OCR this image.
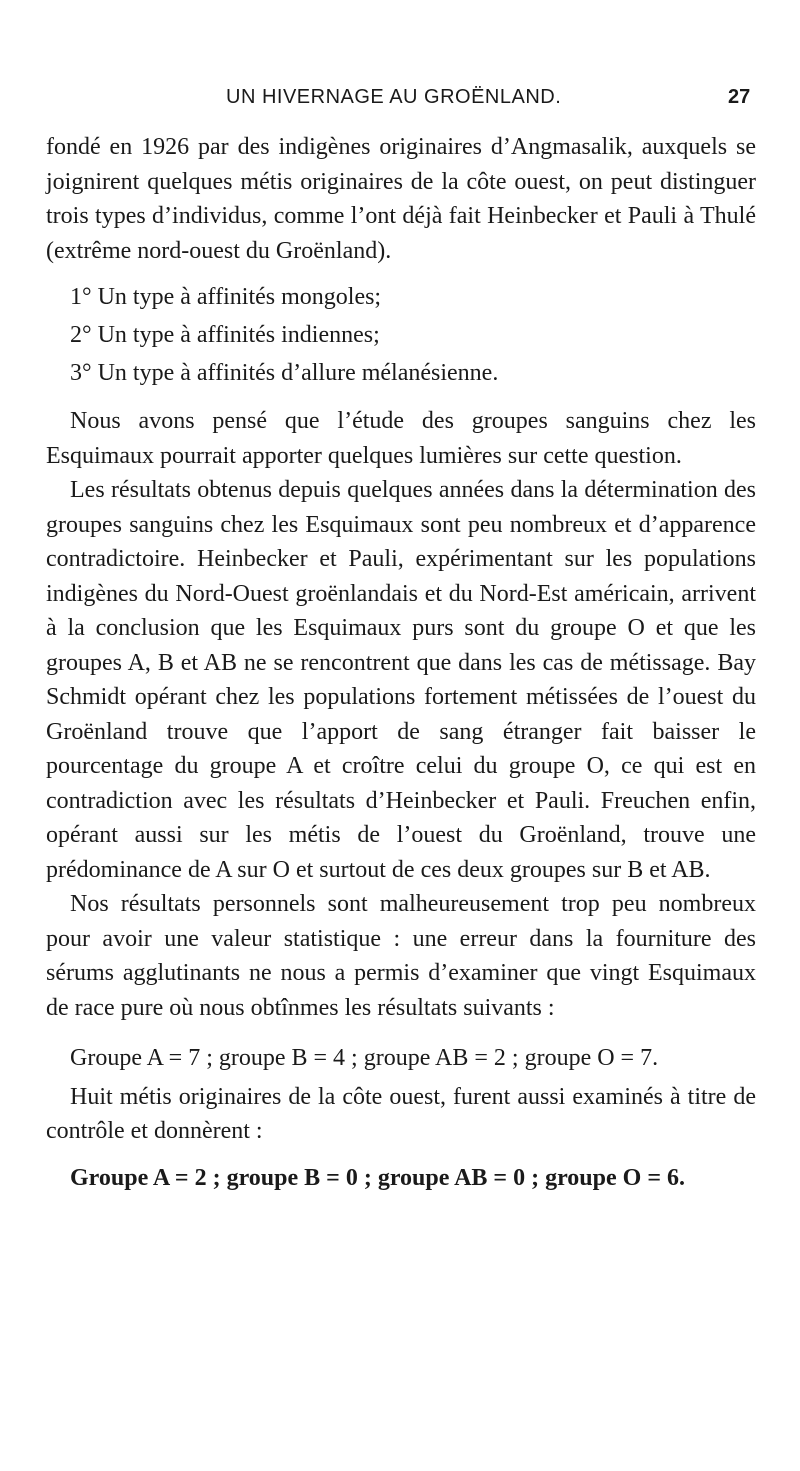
UN HIVERNAGE AU GROËNLAND.	27

fondé en 1926 par des indigènes originaires d’Angmasalik, auxquels se joignirent quelques métis originaires de la côte ouest, on peut distinguer trois types d’individus, comme l’ont déjà fait Heinbecker et Pauli à Thulé (extrême nord-ouest du Groënland).

1° Un type à affinités mongoles;

2° Un type à affinités indiennes;

3° Un type à affinités d’allure mélanésienne.

Nous avons pensé que l’étude des groupes sanguins chez les Esquimaux pourrait apporter quelques lumières sur cette question.

Les résultats obtenus depuis quelques années dans la détermination des groupes sanguins chez les Esquimaux sont peu nombreux et d’apparence contradictoire. Heinbecker et Pauli, expérimentant sur les populations indigènes du Nord-Ouest groënlandais et du Nord-Est américain, arrivent à la conclusion que les Esquimaux purs sont du groupe O et que les groupes A, B et AB ne se rencontrent que dans les cas de métissage. Bay Schmidt opérant chez les populations fortement métissées de l’ouest du Groënland trouve que l’apport de sang étranger fait baisser le pourcentage du groupe A et croître celui du groupe O, ce qui est en contradiction avec les résultats d’Heinbecker et Pauli. Freuchen enfin, opérant aussi sur les métis de l’ouest du Groënland, trouve une prédominance de A sur O et surtout de ces deux groupes sur B et AB.

Nos résultats personnels sont malheureusement trop peu nombreux pour avoir une valeur statistique : une erreur dans la fourniture des sérums agglutinants ne nous a permis d’examiner que vingt Esquimaux de race pure où nous obtînmes les résultats suivants :

Groupe A = 7 ; groupe B = 4 ; groupe AB = 2 ; groupe O = 7.

Huit métis originaires de la côte ouest, furent aussi examinés à titre de contrôle et donnèrent :

Groupe A = 2 ; groupe B = 0 ; groupe AB = 0 ; groupe O = 6.
